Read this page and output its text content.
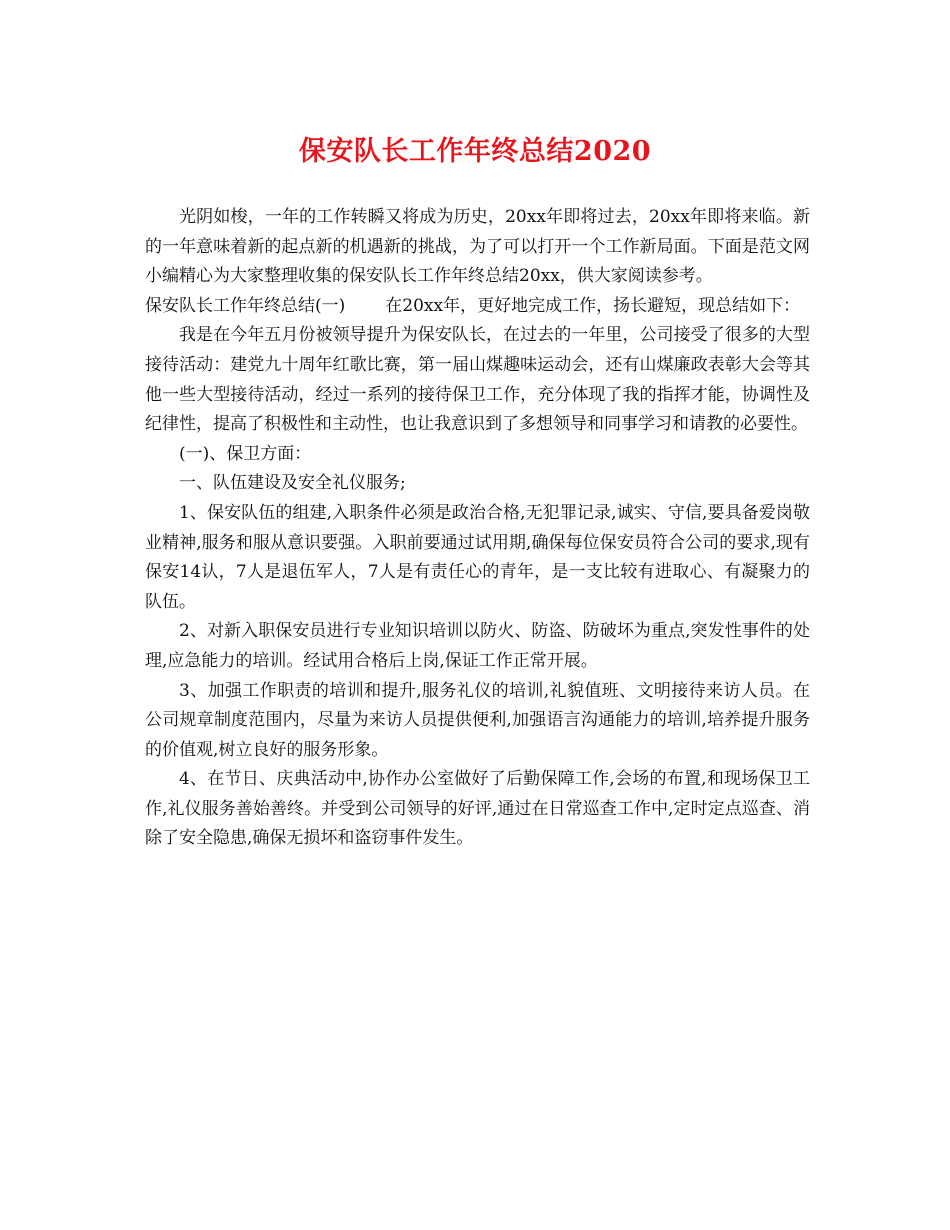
保安队长工作年终总结2020

光阴如梭，一年的工作转瞬又将成为历史，20xx年即将过去，20xx年即将来临。新的一年意味着新的起点新的机遇新的挑战，为了可以打开一个工作新局面。下面是范文网小编精心为大家整理收集的保安队长工作年终总结20xx，供大家阅读参考。

保安队长工作年终总结(一) 在20xx年，更好地完成工作，扬长避短，现总结如下：

我是在今年五月份被领导提升为保安队长，在过去的一年里，公司接受了很多的大型接待活动：建党九十周年红歌比赛，第一届山煤趣味运动会，还有山煤廉政表彰大会等其他一些大型接待活动，经过一系列的接待保卫工作，充分体现了我的指挥才能，协调性及纪律性，提高了积极性和主动性，也让我意识到了多想领导和同事学习和请教的必要性。

(一)、保卫方面：

一、队伍建设及安全礼仪服务;

1、保安队伍的组建,入职条件必须是政治合格,无犯罪记录,诚实、守信,要具备爱岗敬业精神,服务和服从意识要强。入职前要通过试用期,确保每位保安员符合公司的要求,现有保安14认，7人是退伍军人，7人是有责任心的青年，是一支比较有进取心、有凝聚力的队伍。

2、对新入职保安员进行专业知识培训以防火、防盗、防破坏为重点,突发性事件的处理,应急能力的培训。经试用合格后上岗,保证工作正常开展。

3、加强工作职责的培训和提升,服务礼仪的培训,礼貌值班、文明接待来访人员。在公司规章制度范围内，尽量为来访人员提供便利,加强语言沟通能力的培训,培养提升服务的价值观,树立良好的服务形象。

4、在节日、庆典活动中,协作办公室做好了后勤保障工作,会场的布置,和现场保卫工作,礼仪服务善始善终。并受到公司领导的好评,通过在日常巡查工作中,定时定点巡查、消除了安全隐患,确保无损坏和盗窃事件发生。
